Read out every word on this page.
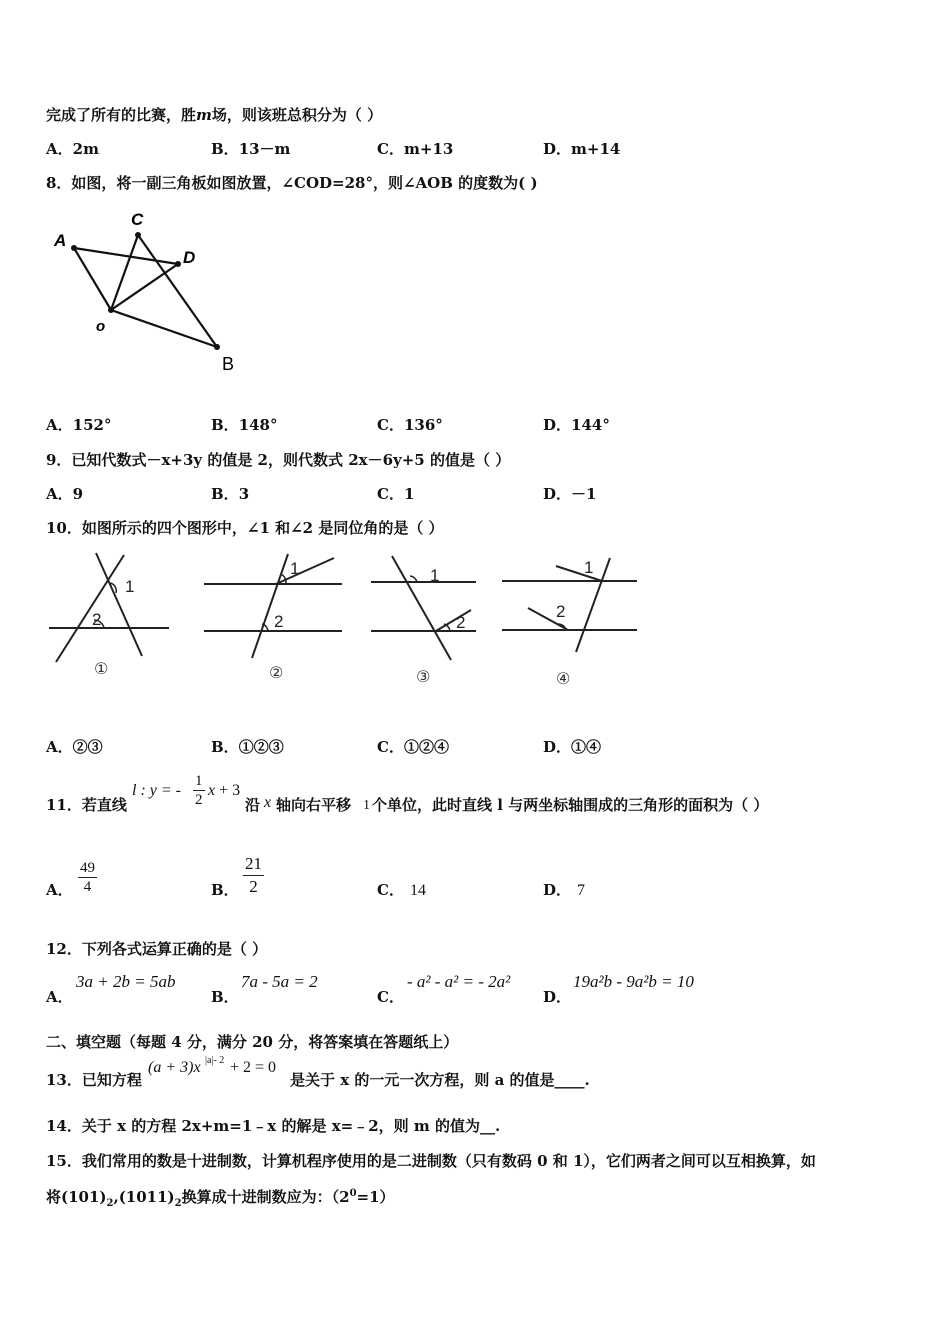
完成了所有的比赛，胜m场，则该班总积分为（ ）
A．2m	B．13－m	C．m+13	D．m+14
8．如图，将一副三角板如图放置，∠COD=28°，则∠AOB 的度数为( )
A
C
D
o
B
A．152°	B．148°	C．136°	D．144°
9．已知代数式－x+3y 的值是 2，则代数式 2x－6y+5 的值是（ ）
A．9	B．3	C．1	D．－1
10．如图所示的四个图形中，∠1 和∠2 是同位角的是（ ）
1
2
1
2
1
2
1
2
①	②	③	④
A．②③	B．①②③	C．①②④	D．①④
11．若直线
l : y = - $\frac{1}{2}$ x + 3
沿 x 轴向右平移 1 个单位，此时直线 l 与两坐标轴围成的三角形的面积为（ ）
A． $\frac{49}{4}$	B． $\frac{21}{2}$	C． 14	D． 7
12．下列各式运算正确的是（ ）
A．
3a + 2b = 5ab
B．
7a - 5a = 2
C．
- a² - a² = - 2a²
D．
19a²b - 9a²b = 10
二、填空题（每题 4 分，满分 20 分，将答案填在答题纸上）
13．已知方程
(a + 3)x |a|- 2 + 2 = 0
是关于 x 的一元一次方程，则 a 的值是____.
14．关于 x 的方程 2x+m=1﹣x 的解是 x=﹣2，则 m 的值为__.
15．我们常用的数是十进制数，计算机程序使用的是二进制数（只有数码 0 和 1），它们两者之间可以互相换算，如
将$(101)_2,(1011)_2$换算成十进制数应为：$(2^0=1)$
